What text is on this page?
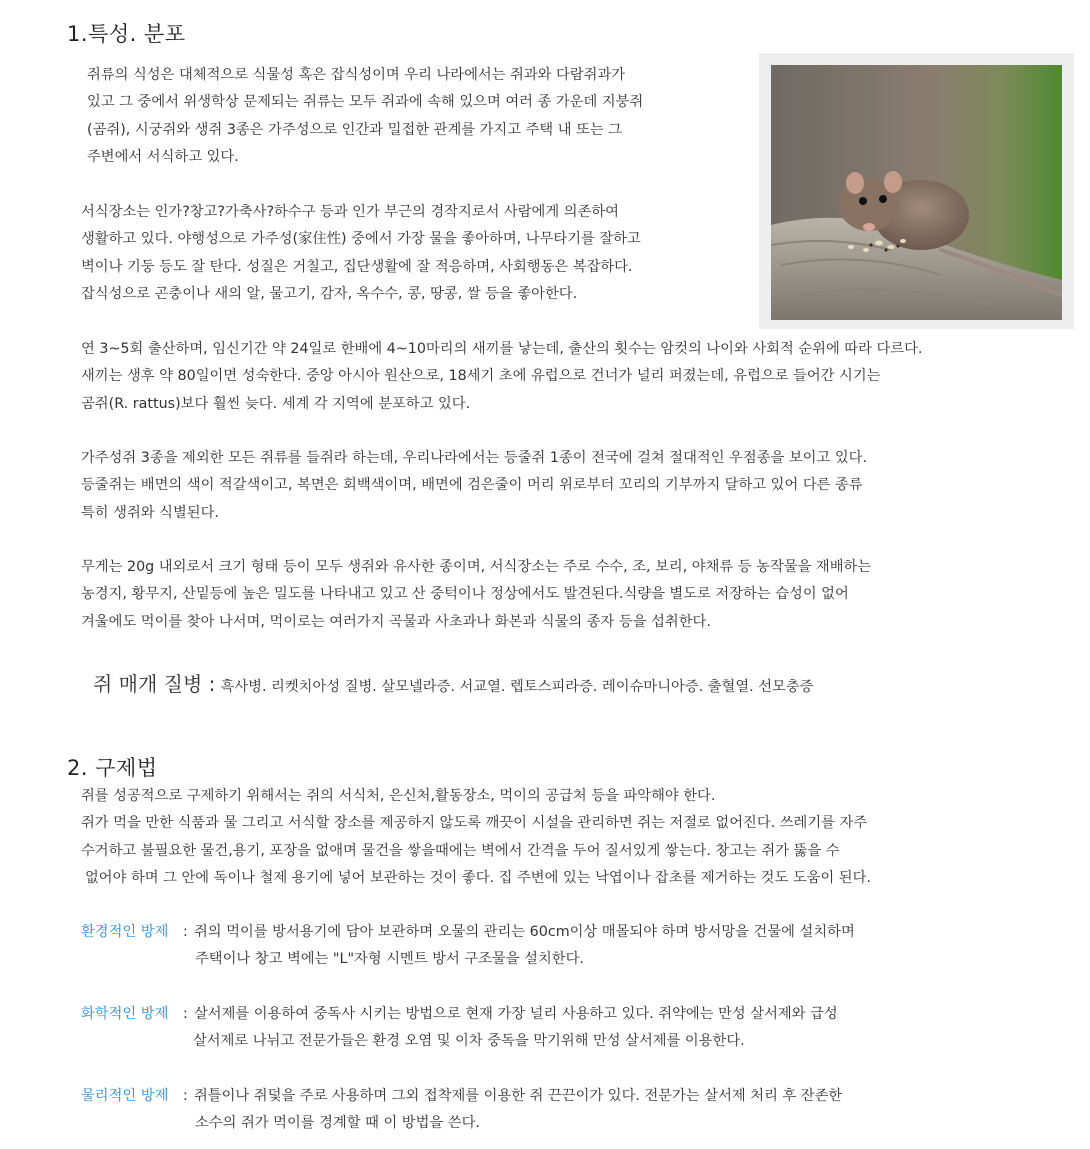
1.특성. 분포
쥐류의 식성은 대체적으로 식물성 혹은 잡식성이며 우리 나라에서는 쥐과와 다람쥐과가
있고 그 중에서 위생학상 문제되는 쥐류는 모두 쥐과에 속해 있으며 여러 종 가운데 지붕쥐
(곰쥐), 시궁쥐와 생쥐 3종은 가주성으로 인간과 밀접한 관계를 가지고 주택 내 또는 그
주변에서 서식하고 있다.
서식장소는 인가?창고?가축사?하수구 등과 인가 부근의 경작지로서 사람에게 의존하여
생활하고 있다. 야행성으로 가주성(家住性) 중에서 가장 물을 좋아하며, 나무타기를 잘하고
벽이나 기둥 등도 잘 탄다. 성질은 거칠고, 집단생활에 잘 적응하며, 사회행동은 복잡하다.
잡식성으로 곤충이나 새의 알, 물고기, 감자, 옥수수, 콩, 땅콩, 쌀 등을 좋아한다.
연 3~5회 출산하며, 임신기간 약 24일로 한배에 4~10마리의 새끼를 낳는데, 출산의 횟수는 암컷의 나이와 사회적 순위에 따라 다르다.
새끼는 생후 약 80일이면 성숙한다. 중앙 아시아 원산으로, 18세기 초에 유럽으로 건너가 널리 퍼졌는데, 유럽으로 들어간 시기는
곰쥐(R. rattus)보다 훨씬 늦다. 세계 각 지역에 분포하고 있다.
가주성쥐 3종을 제외한 모든 쥐류를 들쥐라 하는데, 우리나라에서는 등줄쥐 1종이 전국에 걸쳐 절대적인 우점종을 보이고 있다.
등줄쥐는 배면의 색이 적갈색이고, 복면은 회백색이며, 배면에 검은줄이 머리 위로부터 꼬리의 기부까지 달하고 있어 다른 종류
특히 생쥐와 식별된다.
무게는 20g 내외로서 크기 형태 등이 모두 생쥐와 유사한 종이며, 서식장소는 주로 수수, 조, 보리, 야채류 등 농작물을 재배하는
농경지, 황무지, 산밑등에 높은 밀도를 나타내고 있고 산 중턱이나 정상에서도 발견된다.식량을 별도로 저장하는 습성이 없어
겨울에도 먹이를 찾아 나서며, 먹이로는 여러가지 곡물과 사초과나 화본과 식물의 종자 등을 섭취한다.
쥐 매개 질병 : 흑사병. 리켓치아성 질병. 살모넬라증. 서교열. 렙토스피라증. 레이슈마니아증. 출혈열. 선모충증
2. 구제법
쥐를 성공적으로 구제하기 위해서는 쥐의 서식처, 은신처,활동장소, 먹이의 공급처 등을 파악해야 한다.
쥐가 먹을 만한 식품과 물 그리고 서식할 장소를 제공하지 않도록 깨끗이 시설을 관리하면 쥐는 저절로 없어진다. 쓰레기를 자주
수거하고 불필요한 물건,용기, 포장을 없애며 물건을 쌓을때에는 벽에서 간격을 두어 질서있게 쌓는다. 창고는 쥐가 뚫을 수
없어야 하며 그 안에 독이나 철제 용기에 넣어 보관하는 것이 좋다. 집 주변에 있는 낙엽이나 잡초를 제거하는 것도 도움이 된다.
환경적인 방제 : 쥐의 먹이를 방서용기에 담아 보관하며 오물의 관리는 60cm이상 매몰되야 하며 방서망을 건물에 설치하며
주택이나 창고 벽에는 "L"자형 시멘트 방서 구조물을 설치한다.
화학적인 방제 : 살서제를 이용하여 중독사 시키는 방법으로 현재 가장 널리 사용하고 있다. 쥐약에는 만성 살서제와 급성
살서제로 나뉘고 전문가들은 환경 오염 및 이차 중독을 막기위해 만성 살서제를 이용한다.
물리적인 방제 : 쥐틀이나 쥐덫을 주로 사용하며 그외 접착제를 이용한 쥐 끈끈이가 있다. 전문가는 살서제 처리 후 잔존한
소수의 쥐가 먹이를 경계할 때 이 방법을 쓴다.
